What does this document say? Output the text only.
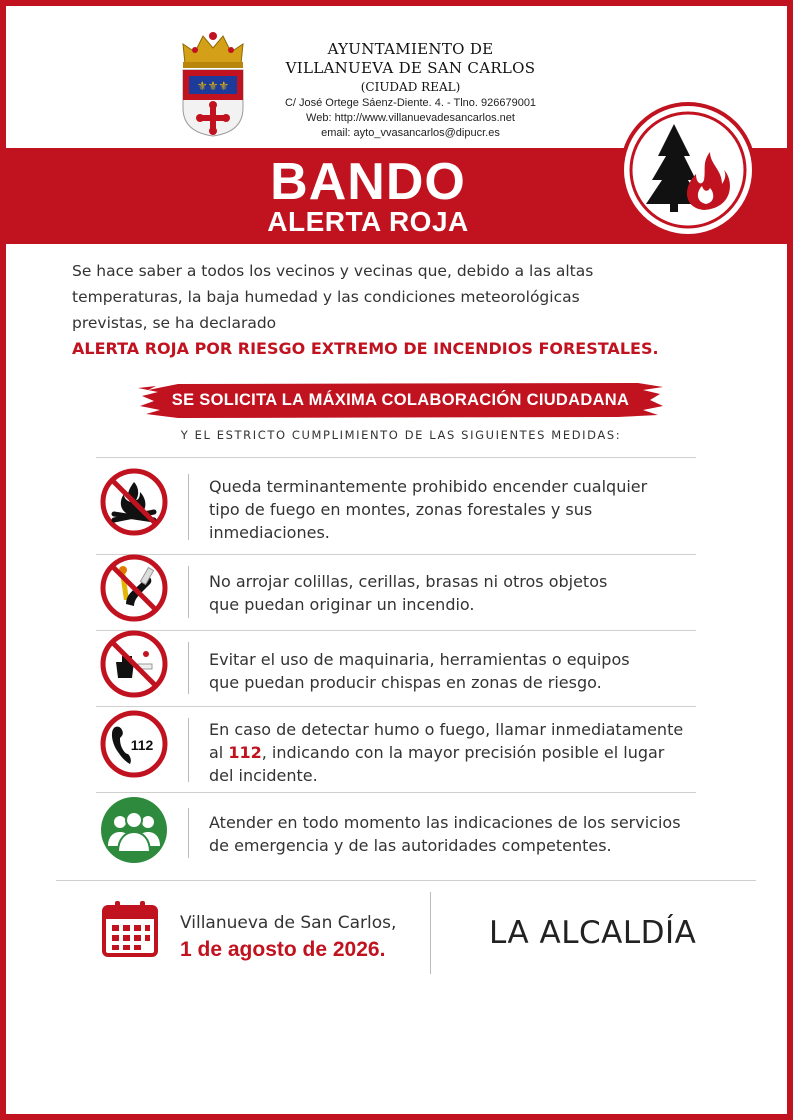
⚜⚜⚜
AYUNTAMIENTO DE
VILLANUEVA DE SAN CARLOS
(CIUDAD REAL)
C/ José Ortege Sáenz-Diente. 4. - Tlno. 926679001
Web: http://www.villanuevadesancarlos.net
email: ayto_vvasancarlos@dipucr.es
BANDO
ALERTA ROJA
Se hace saber a todos los vecinos y vecinas que, debido a las altas
temperaturas, la baja humedad y las condiciones meteorológicas
previstas, se ha declarado
ALERTA ROJA POR RIESGO EXTREMO DE INCENDIOS FORESTALES.
SE SOLICITA LA MÁXIMA COLABORACIÓN CIUDADANA
Y EL ESTRICTO CUMPLIMIENTO DE LAS SIGUIENTES MEDIDAS:
Queda terminantemente prohibido encender cualquier
tipo de fuego en montes, zonas forestales y sus
inmediaciones.
No arrojar colillas, cerillas, brasas ni otros objetos
que puedan originar un incendio.
Evitar el uso de maquinaria, herramientas o equipos
que puedan producir chispas en zonas de riesgo.
112
En caso de detectar humo o fuego, llamar inmediatamente
al 112, indicando con la mayor precisión posible el lugar
del incidente.
Atender en todo momento las indicaciones de los servicios
de emergencia y de las autoridades competentes.
Villanueva de San Carlos,
1 de agosto de 2026.	LA ALCALDÍA
